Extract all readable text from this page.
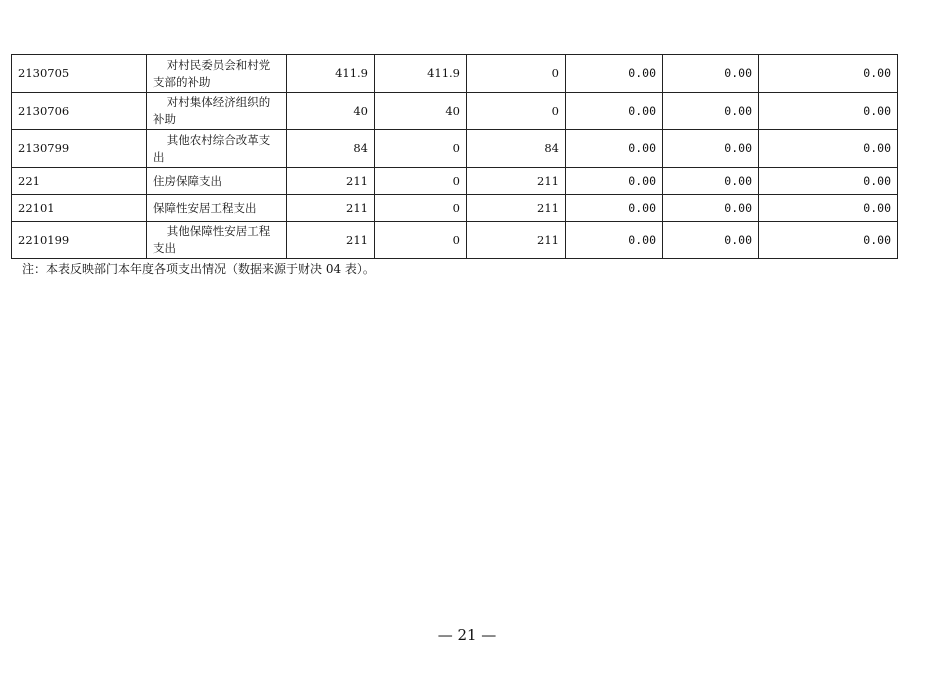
2130705	对村民委员会和村党支部的补助	411.9	411.9	0	0.00	0.00	0.00
2130706	对村集体经济组织的补助	40	40	0	0.00	0.00	0.00
2130799	其他农村综合改革支出	84	0	84	0.00	0.00	0.00
221	住房保障支出	211	0	211	0.00	0.00	0.00
22101	保障性安居工程支出	211	0	211	0.00	0.00	0.00
2210199	其他保障性安居工程支出	211	0	211	0.00	0.00	0.00
注：本表反映部门本年度各项支出情况（数据来源于财决 04 表）。
— 21 —
